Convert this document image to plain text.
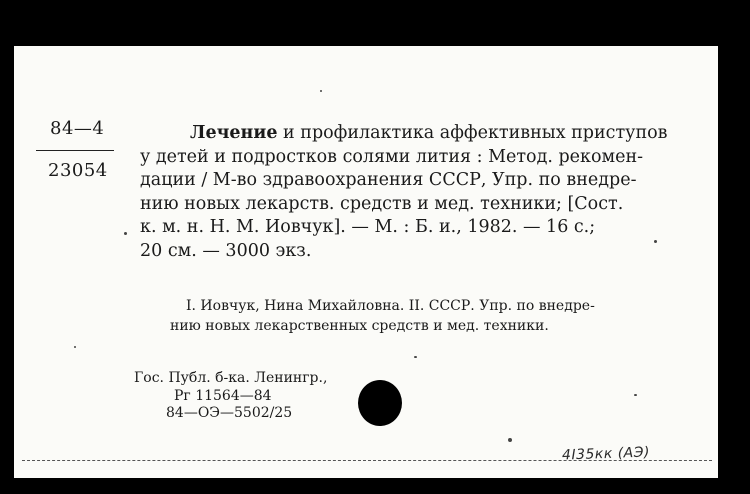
84—4
23054
Лечение и профилактика аффективных приступов
у детей и подростков солями лития : Метод. рекомен-
дации / М-во здравоохранения СССР, Упр. по внедре-
нию новых лекарств. средств и мед. техники; [Сост.
к. м. н. Н. М. Иовчук]. — М. : Б. и., 1982. — 16 с.;
20 см. — 3000 экз.
I. Иовчук, Нина Михайловна. II. СССР. Упр. по внедре-
нию новых лекарственных средств и мед. техники.
Гос. Публ. б-ка. Ленингр.,
Рг 11564—84
84—ОЭ—5502/25
4I35кк (АЭ)
